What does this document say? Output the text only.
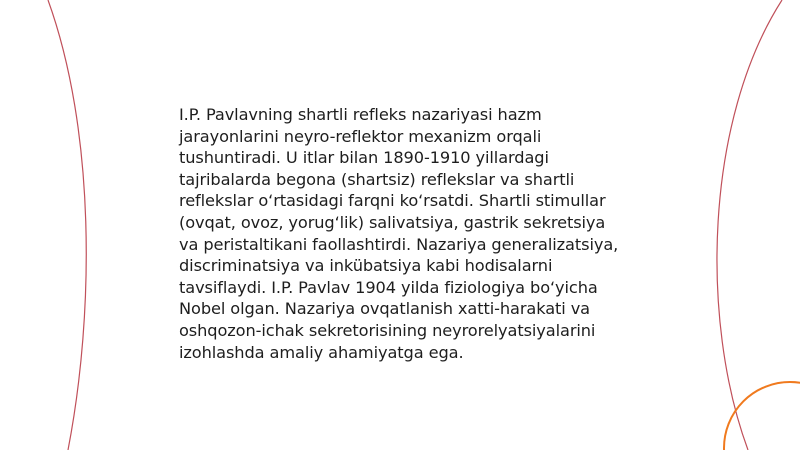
I.P. Pavlavning shartli refleks nazariyasi hazm jarayonlarini neyro-reflektor mexanizm orqali tushuntiradi. U itlar bilan 1890-1910 yillardagi tajribalarda begona (shartsiz) reflekslar va shartli reflekslar o‘rtasidagi farqni ko‘rsatdi. Shartli stimullar (ovqat, ovoz, yorug‘lik) salivatsiya, gastrik sekretsiya va peristaltikani faollashtirdi. Nazariya generalizatsiya, discriminatsiya va inkübatsiya kabi hodisalarni tavsiflaydi. I.P. Pavlav 1904 yilda fiziologiya bo‘yicha Nobel olgan. Nazariya ovqatlanish xatti-harakati va oshqozon-ichak sekretorisining neyrorelyatsiyalarini izohlashda amaliy ahamiyatga ega.
